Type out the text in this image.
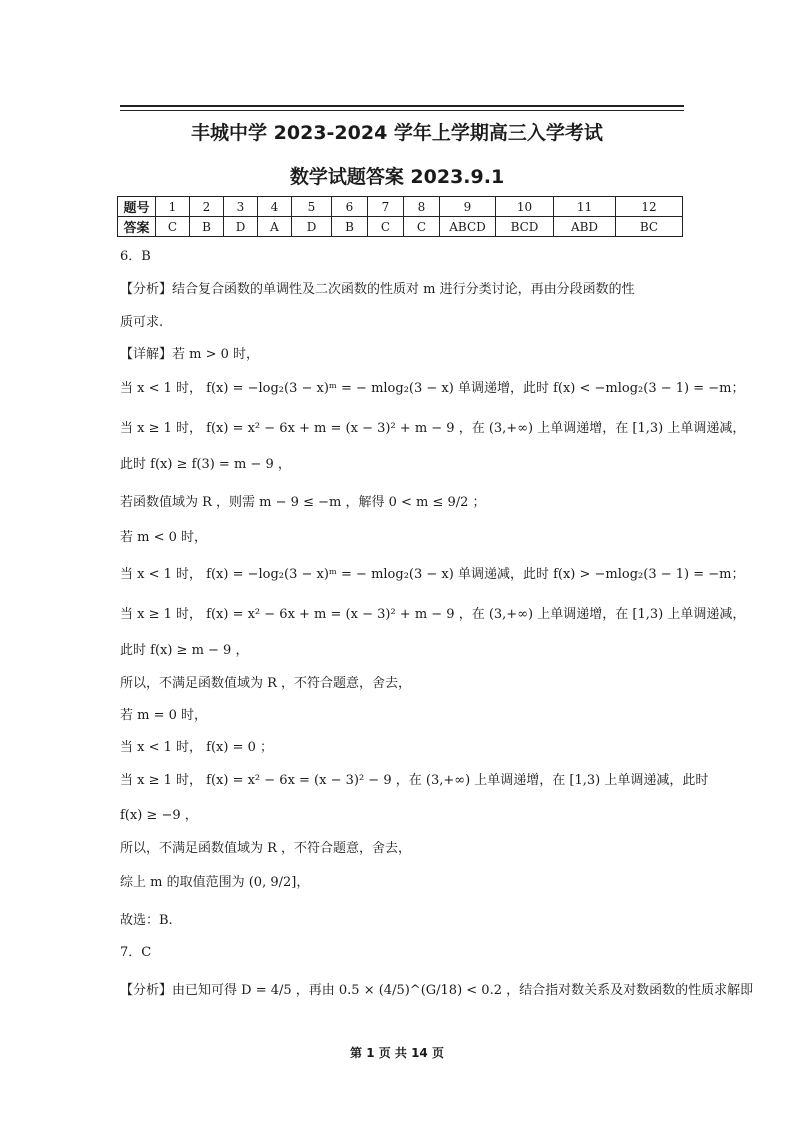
丰城中学 2023-2024 学年上学期高三入学考试
数学试题答案 2023.9.1
题号	1	2	3	4	5	6	7	8	9	10	11	12
答案	C	B	D	A	D	B	C	C	ABCD	BCD	ABD	BC
6．B
【分析】结合复合函数的单调性及二次函数的性质对 m 进行分类讨论，再由分段函数的性
质可求.
【详解】若 m > 0 时，
当 x < 1 时， f(x) = −log₂(3 − x)ᵐ = − mlog₂(3 − x) 单调递增，此时 f(x) < −mlog₂(3 − 1) = −m；
当 x ≥ 1 时， f(x) = x² − 6x + m = (x − 3)² + m − 9 ，在 (3,+∞) 上单调递增，在 [1,3) 上单调递减，
此时 f(x) ≥ f(3) = m − 9 ，
若函数值域为 R ，则需 m − 9 ≤ −m ，解得 0 < m ≤ 9/2 ；
若 m < 0 时，
当 x < 1 时， f(x) = −log₂(3 − x)ᵐ = − mlog₂(3 − x) 单调递减，此时 f(x) > −mlog₂(3 − 1) = −m；
当 x ≥ 1 时， f(x) = x² − 6x + m = (x − 3)² + m − 9 ，在 (3,+∞) 上单调递增，在 [1,3) 上单调递减，
此时 f(x) ≥ m − 9 ，
所以，不满足函数值域为 R ，不符合题意，舍去，
若 m = 0 时，
当 x < 1 时， f(x) = 0 ；
当 x ≥ 1 时， f(x) = x² − 6x = (x − 3)² − 9 ，在 (3,+∞) 上单调递增，在 [1,3) 上单调递减，此时
f(x) ≥ −9 ，
所以，不满足函数值域为 R ，不符合题意，舍去，
综上 m 的取值范围为 (0, 9/2]，
故选：B.
7．C
【分析】由已知可得 D = 4/5 ，再由 0.5 × (4/5)^(G/18) < 0.2 ，结合指对数关系及对数函数的性质求解即
第 1 页 共 14 页
